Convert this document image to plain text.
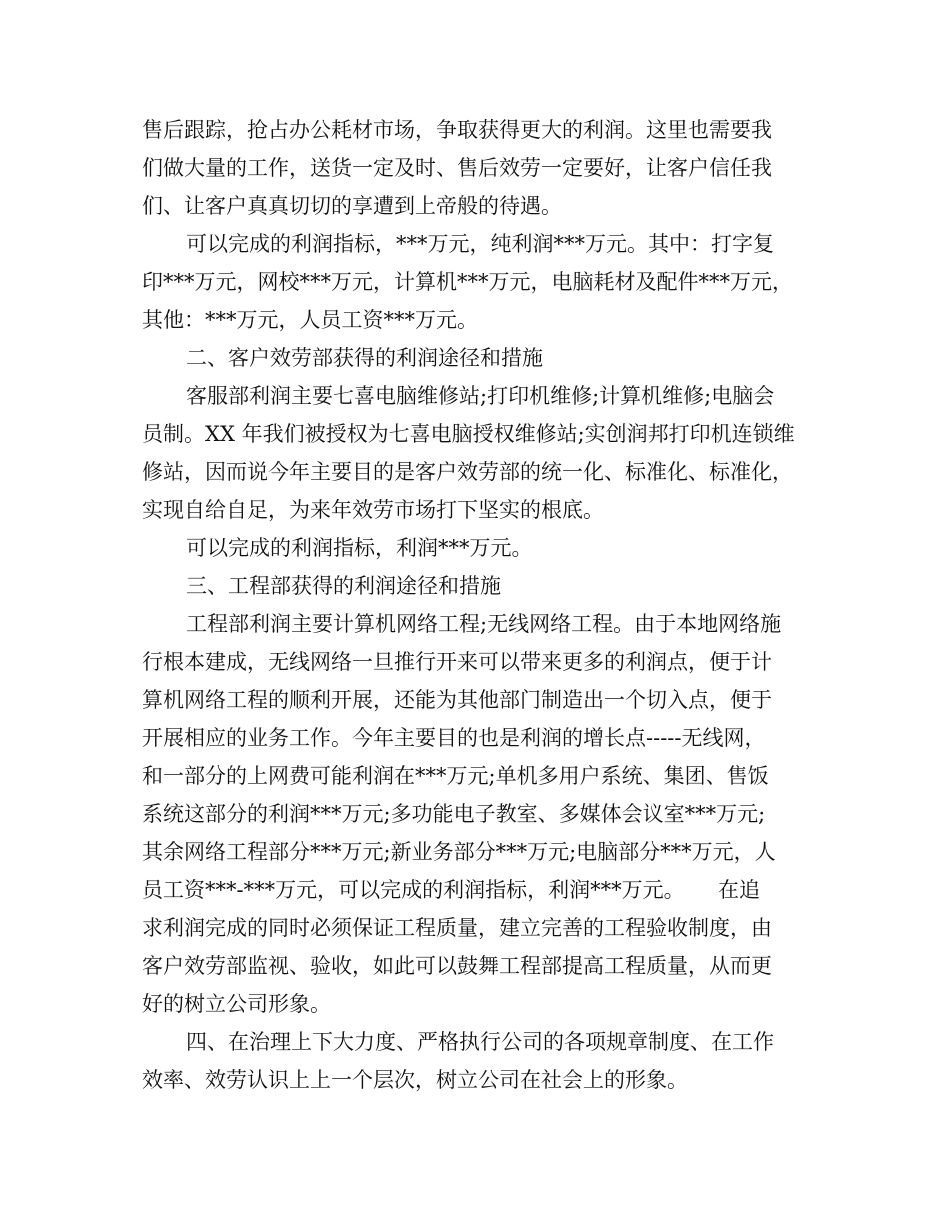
售后跟踪，抢占办公耗材市场，争取获得更大的利润。这里也需要我
们做大量的工作，送货一定及时、售后效劳一定要好，让客户信任我
们、让客户真真切切的享遭到上帝般的待遇。
可以完成的利润指标，***万元，纯利润***万元。其中：打字复
印***万元，网校***万元，计算机***万元，电脑耗材及配件***万元，
其他：***万元，人员工资***万元。
二、客户效劳部获得的利润途径和措施
客服部利润主要七喜电脑维修站;打印机维修;计算机维修;电脑会
员制。XX 年我们被授权为七喜电脑授权维修站;实创润邦打印机连锁维
修站，因而说今年主要目的是客户效劳部的统一化、标准化、标准化，
实现自给自足，为来年效劳市场打下坚实的根底。
可以完成的利润指标，利润***万元。
三、工程部获得的利润途径和措施
工程部利润主要计算机网络工程;无线网络工程。由于本地网络施
行根本建成，无线网络一旦推行开来可以带来更多的利润点，便于计
算机网络工程的顺利开展，还能为其他部门制造出一个切入点，便于
开展相应的业务工作。今年主要目的也是利润的增长点-----无线网，
和一部分的上网费可能利润在***万元;单机多用户系统、集团、售饭
系统这部分的利润***万元;多功能电子教室、多媒体会议室***万元;
其余网络工程部分***万元;新业务部分***万元;电脑部分***万元，人
员工资***-***万元，可以完成的利润指标，利润***万元。     在追
求利润完成的同时必须保证工程质量，建立完善的工程验收制度，由
客户效劳部监视、验收，如此可以鼓舞工程部提高工程质量，从而更
好的树立公司形象。
四、在治理上下大力度、严格执行公司的各项规章制度、在工作
效率、效劳认识上上一个层次，树立公司在社会上的形象。
